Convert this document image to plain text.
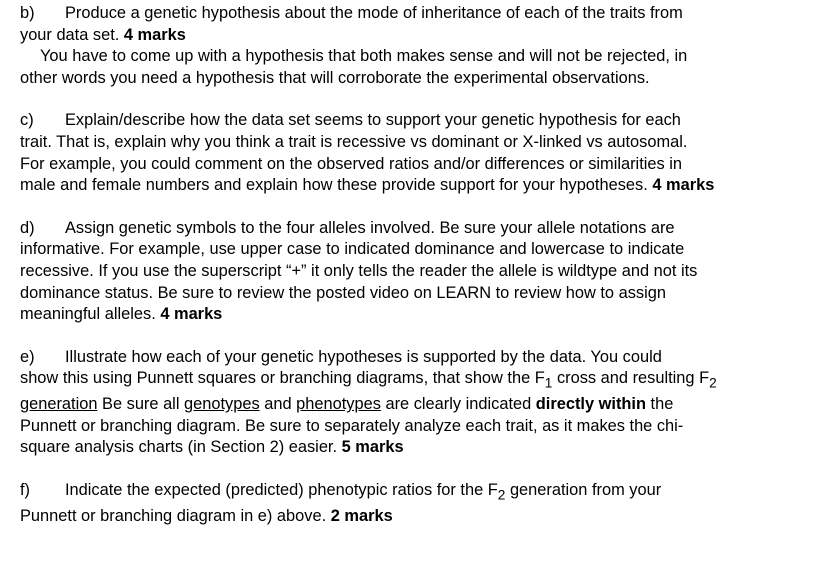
b) Produce a genetic hypothesis about the mode of inheritance of each of the traits from
your data set. 4 marks
You have to come up with a hypothesis that both makes sense and will not be rejected, in
other words you need a hypothesis that will corroborate the experimental observations.
c) Explain/describe how the data set seems to support your genetic hypothesis for each
trait. That is, explain why you think a trait is recessive vs dominant or X-linked vs autosomal.
For example, you could comment on the observed ratios and/or differences or similarities in
male and female numbers and explain how these provide support for your hypotheses. 4 marks
d) Assign genetic symbols to the four alleles involved. Be sure your allele notations are
informative. For example, use upper case to indicated dominance and lowercase to indicate
recessive. If you use the superscript “+” it only tells the reader the allele is wildtype and not its
dominance status. Be sure to review the posted video on LEARN to review how to assign
meaningful alleles. 4 marks
e) Illustrate how each of your genetic hypotheses is supported by the data. You could
show this using Punnett squares or branching diagrams, that show the $F_1$ cross and resulting $F_2$
generation Be sure all genotypes and phenotypes are clearly indicated directly within the
Punnett or branching diagram. Be sure to separately analyze each trait, as it makes the chi-
square analysis charts (in Section 2) easier. 5 marks
f) Indicate the expected (predicted) phenotypic ratios for the $F_2$ generation from your
Punnett or branching diagram in e) above. 2 marks
